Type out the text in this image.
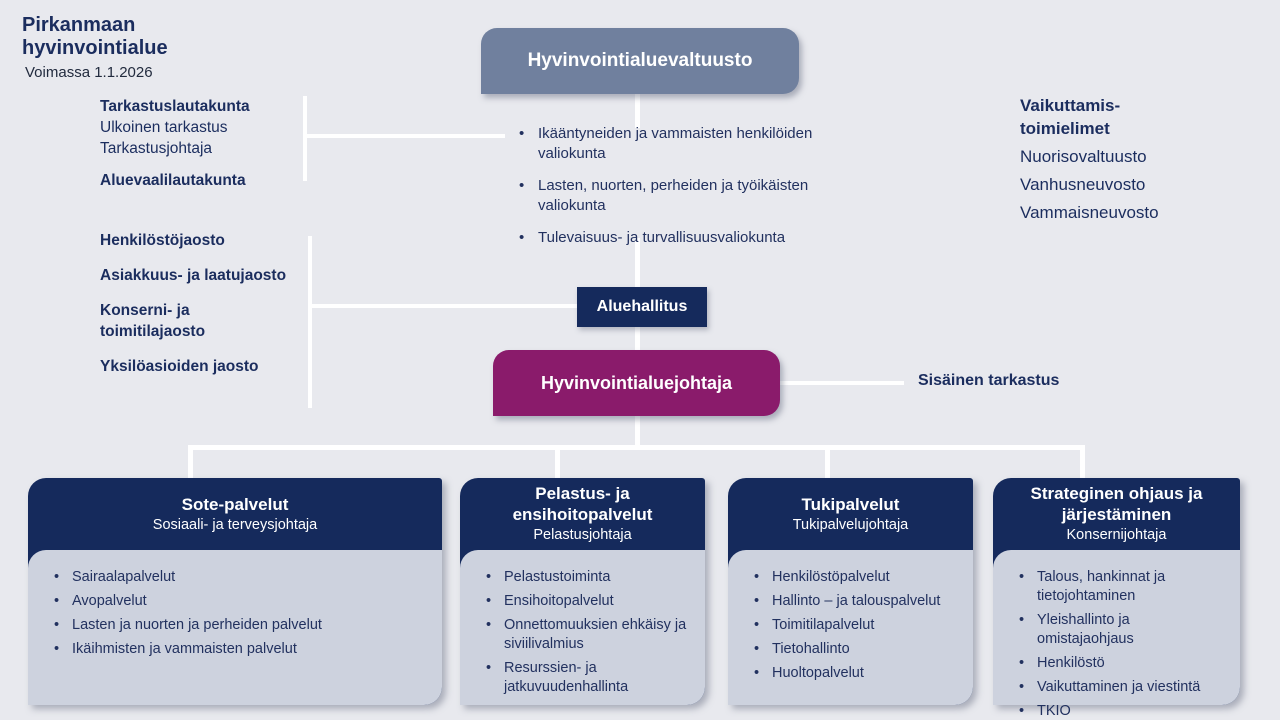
Pirkanmaan
hyvinvointialue
Voimassa 1.1.2026
Hyvinvointialuevaltuusto
Tarkastuslautakunta
Ulkoinen tarkastus
Tarkastusjohtaja
Aluevaalilautakunta
• Ikääntyneiden ja vammaisten henkilöiden valiokunta
• Lasten, nuorten, perheiden ja työikäisten valiokunta
• Tulevaisuus- ja turvallisuusvaliokunta
Vaikuttamis-
toimielimet
Nuorisovaltuusto
Vanhusneuvosto
Vammaisneuvosto
Henkilöstöjaosto
Asiakkuus- ja laatujaosto
Konserni- ja
toimitilajaosto
Yksilöasioiden jaosto
Aluehallitus
Hyvinvointialuejohtaja	Sisäinen tarkastus
Sote-palvelut
Sosiaali- ja terveysjohtaja
• Sairaalapalvelut
• Avopalvelut
• Lasten ja nuorten ja perheiden palvelut
• Ikäihmisten ja vammaisten palvelut
Pelastus- ja ensihoitopalvelut
Pelastusjohtaja
• Pelastustoiminta
• Ensihoitopalvelut
• Onnettomuuksien ehkäisy ja siviilivalmius
• Resurssien- ja jatkuvuudenhallinta
Tukipalvelut
Tukipalvelujohtaja
• Henkilöstöpalvelut
• Hallinto – ja talouspalvelut
• Toimitilapalvelut
• Tietohallinto
• Huoltopalvelut
Strateginen ohjaus ja järjestäminen
Konsernijohtaja
• Talous, hankinnat ja tietojohtaminen
• Yleishallinto ja omistajaohjaus
• Henkilöstö
• Vaikuttaminen ja viestintä
• TKIO
